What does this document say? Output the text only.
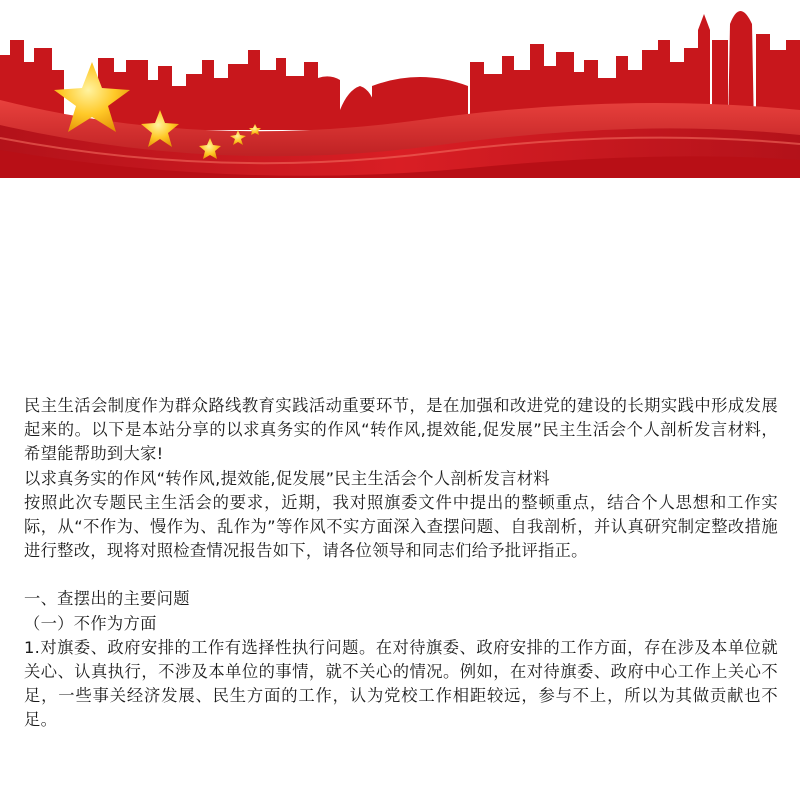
民主生活会制度作为群众路线教育实践活动重要环节，是在加强和改进党的建设的长期实践中形成发展起来的。以下是本站分享的以求真务实的作风“转作风,提效能,促发展”民主生活会个人剖析发言材料，希望能帮助到大家!

以求真务实的作风“转作风,提效能,促发展”民主生活会个人剖析发言材料

按照此次专题民主生活会的要求，近期，我对照旗委文件中提出的整顿重点，结合个人思想和工作实际，从“不作为、慢作为、乱作为”等作风不实方面深入查摆问题、自我剖析，并认真研究制定整改措施进行整改，现将对照检查情况报告如下，请各位领导和同志们给予批评指正。

一、查摆出的主要问题

（一）不作为方面

1.对旗委、政府安排的工作有选择性执行问题。在对待旗委、政府安排的工作方面，存在涉及本单位就关心、认真执行，不涉及本单位的事情，就不关心的情况。例如，在对待旗委、政府中心工作上关心不足，一些事关经济发展、民生方面的工作，认为党校工作相距较远，参与不上，所以为其做贡献也不足。
